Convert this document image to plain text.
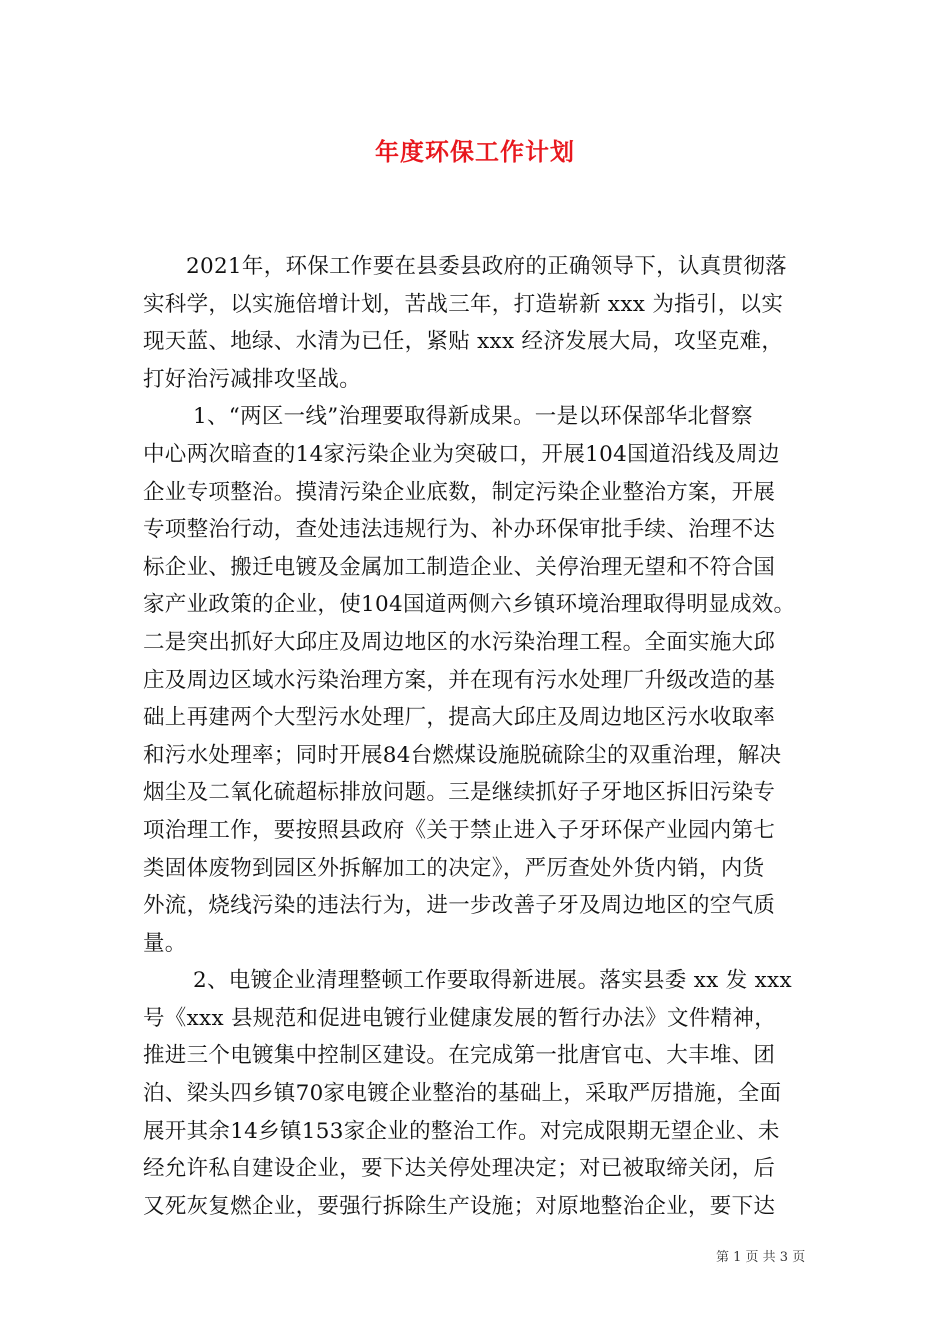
年度环保工作计划
2021年，环保工作要在县委县政府的正确领导下，认真贯彻落
实科学，以实施倍增计划，苦战三年，打造崭新 xxx 为指引，以实
现天蓝、地绿、水清为已任，紧贴 xxx 经济发展大局，攻坚克难，
打好治污减排攻坚战。
1、“两区一线”治理要取得新成果。一是以环保部华北督察
中心两次暗查的14家污染企业为突破口，开展104国道沿线及周边
企业专项整治。摸清污染企业底数，制定污染企业整治方案，开展
专项整治行动，查处违法违规行为、补办环保审批手续、治理不达
标企业、搬迁电镀及金属加工制造企业、关停治理无望和不符合国
家产业政策的企业，使104国道两侧六乡镇环境治理取得明显成效。
二是突出抓好大邱庄及周边地区的水污染治理工程。全面实施大邱
庄及周边区域水污染治理方案，并在现有污水处理厂升级改造的基
础上再建两个大型污水处理厂，提高大邱庄及周边地区污水收取率
和污水处理率；同时开展84台燃煤设施脱硫除尘的双重治理，解决
烟尘及二氧化硫超标排放问题。三是继续抓好子牙地区拆旧污染专
项治理工作，要按照县政府《关于禁止进入子牙环保产业园内第七
类固体废物到园区外拆解加工的决定》，严厉查处外货内销，内货
外流，烧线污染的违法行为，进一步改善子牙及周边地区的空气质
量。
2、电镀企业清理整顿工作要取得新进展。落实县委 xx 发 xxx
号《xxx 县规范和促进电镀行业健康发展的暂行办法》文件精神，
推进三个电镀集中控制区建设。在完成第一批唐官屯、大丰堆、团
泊、梁头四乡镇70家电镀企业整治的基础上，采取严厉措施，全面
展开其余14乡镇153家企业的整治工作。对完成限期无望企业、未
经允许私自建设企业，要下达关停处理决定；对已被取缔关闭，后
又死灰复燃企业，要强行拆除生产设施；对原地整治企业，要下达
第 1 页 共 3 页
